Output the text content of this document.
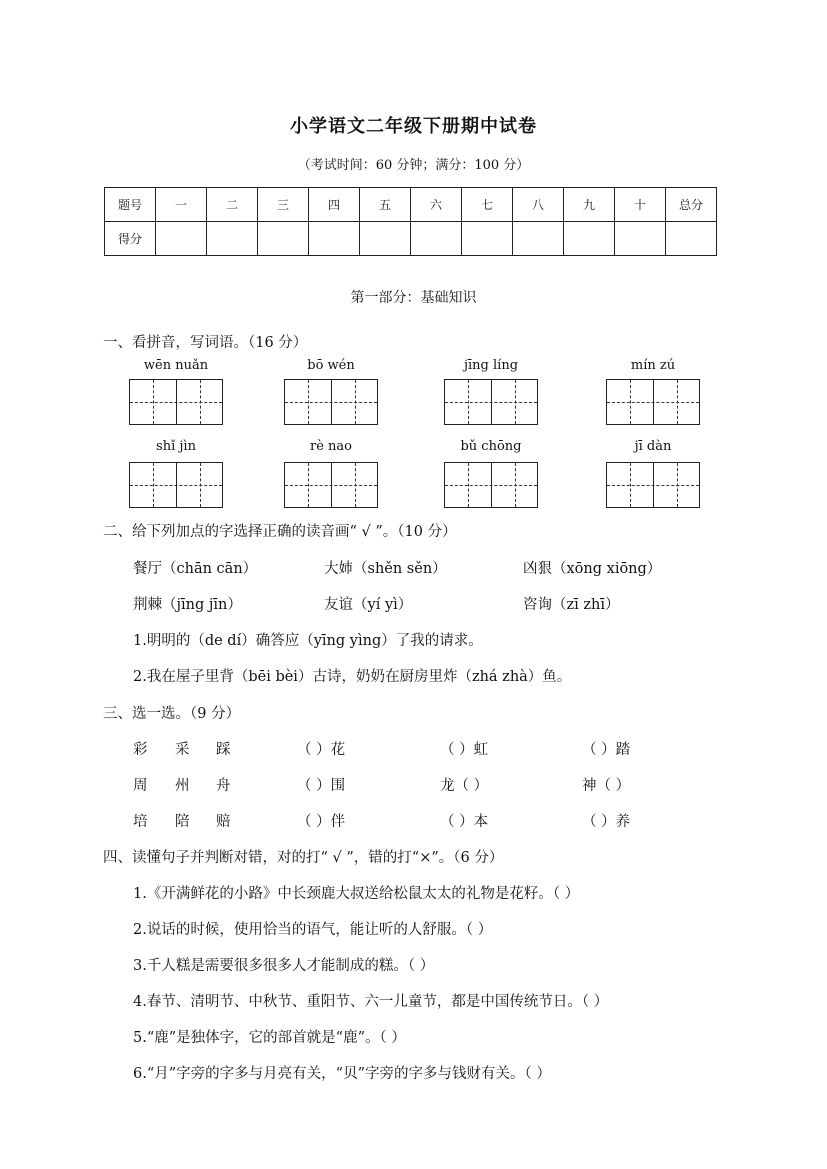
小学语文二年级下册期中试卷
（考试时间：60 分钟；满分：100 分）
题号	一	二	三	四	五	六	七	八	九	十	总分
得分											
第一部分：基础知识
一、看拼音，写词语。（16 分）
wēn nuǎn	bō wén	jīng líng	mín zú
shǐ jìn	rè nao	bǔ chōng	jī dàn
二、给下列加点的字选择正确的读音画“ √ ”。（10 分）
餐厅（chān cān）	大姉（shěn sěn）	凶狠（xōng xiōng）
荆棘（jīng jīn）	友谊（yí yì）	咨询（zī zhī）
1.明明的（de dí）确答应（yīng yìng）了我的请求。
2.我在屋子里背（bēi bèi）古诗，奶奶在厨房里炸（zhá zhà）鱼。
三、选一选。（9 分）
彩 采 踩	（ ）花	（ ）虹	（ ）踏
周 州 舟	（ ）围	龙（ ）	神（ ）
培 陪 赔	（ ）伴	（ ）本	（ ）养
四、读懂句子并判断对错，对的打“ √ ”，错的打“×”。（6 分）
1.《开满鲜花的小路》中长颈鹿大叔送给松鼠太太的礼物是花籽。（ ）
2.说话的时候，使用恰当的语气，能让听的人舒服。（ ）
3.千人糕是需要很多很多人才能制成的糕。（ ）
4.春节、清明节、中秋节、重阳节、六一儿童节，都是中国传统节日。（ ）
5.“鹿”是独体字，它的部首就是“鹿”。（ ）
6.“月”字旁的字多与月亮有关，“贝”字旁的字多与钱财有关。（ ）
